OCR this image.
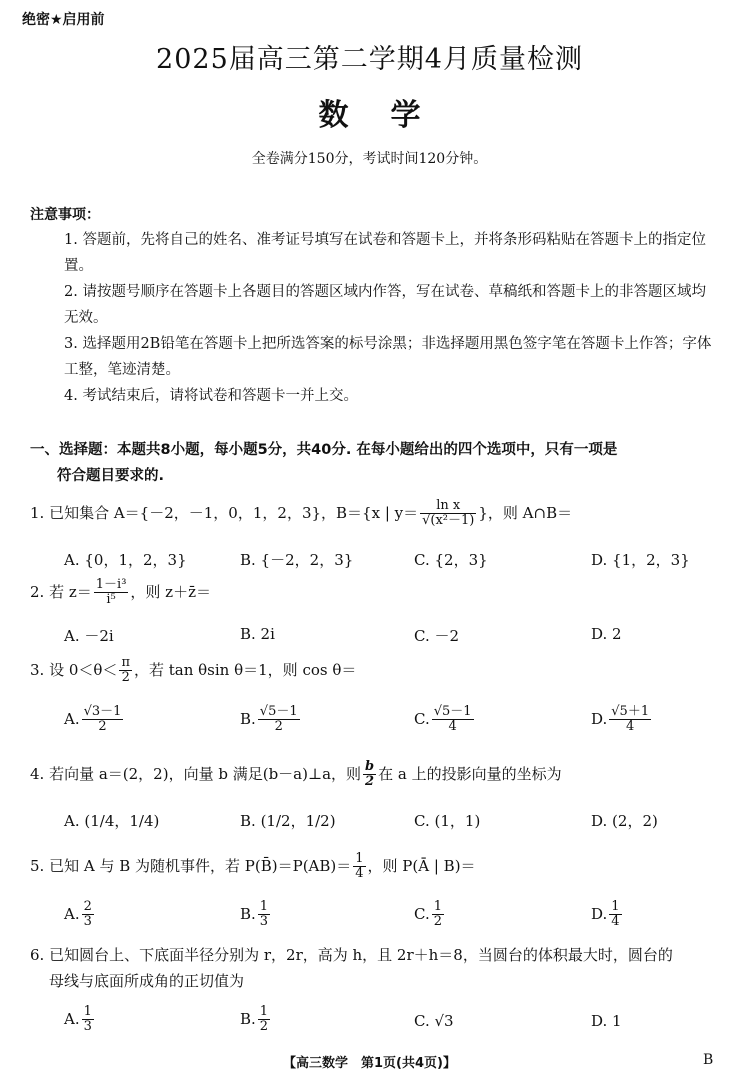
绝密★启用前
2025届高三第二学期4月质量检测
数学
全卷满分150分，考试时间120分钟。
注意事项：
1. 答题前，先将自己的姓名、准考证号填写在试卷和答题卡上，并将条形码粘贴在答题卡上的指定位置。
2. 请按题号顺序在答题卡上各题目的答题区域内作答，写在试卷、草稿纸和答题卡上的非答题区域均无效。
3. 选择题用2B铅笔在答题卡上把所选答案的标号涂黑；非选择题用黑色签字笔在答题卡上作答；字体工整，笔迹清楚。
4. 考试结束后，请将试卷和答题卡一并上交。
一、选择题：本题共8小题，每小题5分，共40分. 在每小题给出的四个选项中，只有一项是
符合题目要求的.
1. 已知集合 A＝{－2，－1，0，1，2，3}，B＝{x | $y= \frac{\text{ln x}}{\text{√(x²－1)}}$ }，则 A∩B＝
A. {0，1，2，3}	B. {－2，2，3}	C. {2，3}	D. {1，2，3}
2. 若 $z= \frac{\text{1－i³}}{\text{i⁵}}$ ，则 z＋z̄＝
A. －2i	B. 2i	C. －2	D. 2
3. 设 $0<\theta< \frac{\pi}{2}$ ，若 tan θsin θ＝1，则 cos θ＝
A. $\frac{√3-1}{2}$	B. $\frac{√5-1}{2}$	C. $\frac{√5-1}{4}$	D. $\frac{√5+1}{4}$
4. 若向量 a＝(2，2)，向量 b 满足(b－a)⊥a，则 $\frac{b}{2}$ 在 a 上的投影向量的坐标为
A. (1/4，1/4)	B. (1/2，1/2)	C. (1，1)	D. (2，2)
5. 已知 A 与 B 为随机事件，若 P(B̄)＝P(AB)＝ $\frac{1}{4}$ ，则 P(Ā | B)＝
A. $\frac{2}{3}$	B. $\frac{1}{3}$	C. $\frac{1}{2}$	D. $\frac{1}{4}$
6. 已知圆台上、下底面半径分别为 r，2r，高为 h，且 2r＋h＝8，当圆台的体积最大时，圆台的
母线与底面所成角的正切值为
A. $\frac{1}{3}$	B. $\frac{1}{2}$	C. √3	D. 1
【高三数学　第1页(共4页)】	B
